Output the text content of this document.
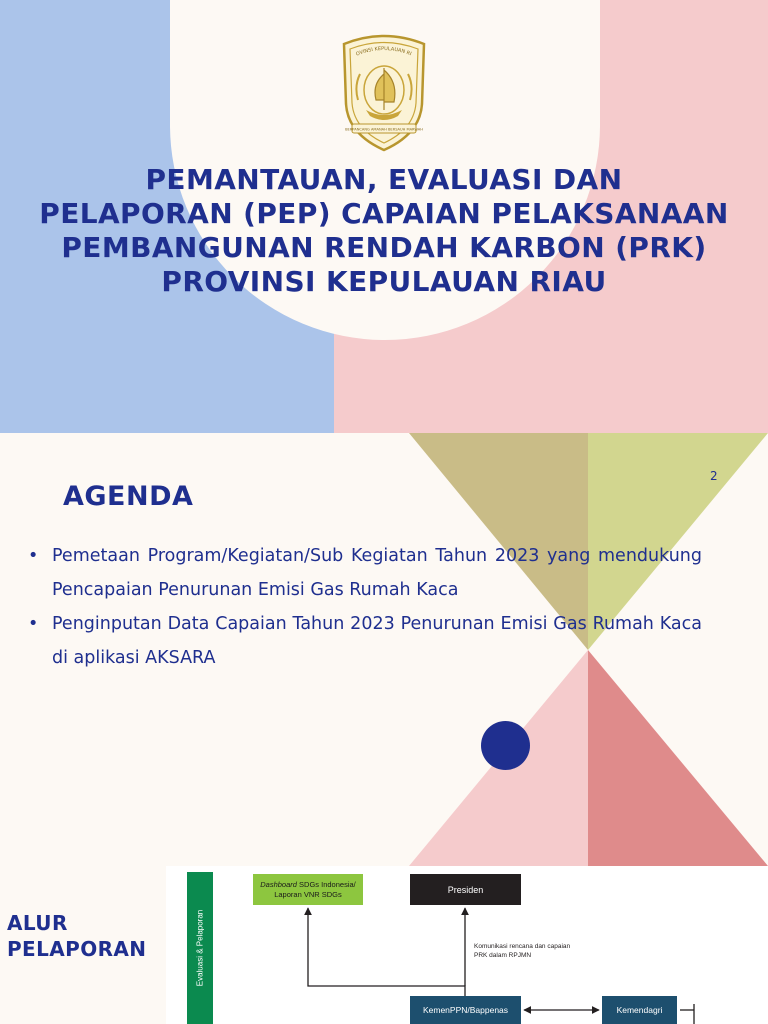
OVINSI KEPULAUAN RI
BERPANCANG AMANAH BERSAUH MARWAH
PEMANTAUAN, EVALUASI DAN
PELAPORAN (PEP) CAPAIAN PELAKSANAAN
PEMBANGUNAN RENDAH KARBON (PRK)
PROVINSI KEPULAUAN RIAU
2
AGENDA
• Pemetaan Program/Kegiatan/Sub Kegiatan Tahun 2023 yang mendukung Pencapaian Penurunan Emisi Gas Rumah Kaca
• Penginputan Data Capaian Tahun 2023 Penurunan Emisi Gas Rumah Kaca di aplikasi AKSARA
ALUR
PELAPORAN	Evaluasi & Pelaporan
Dashboard SDGs Indonesia/
Laporan VNR SDGs	Presiden
Komunikasi rencana dan capaian PRK dalam RPJMN
KemenPPN/Bappenas	Kemendagri
